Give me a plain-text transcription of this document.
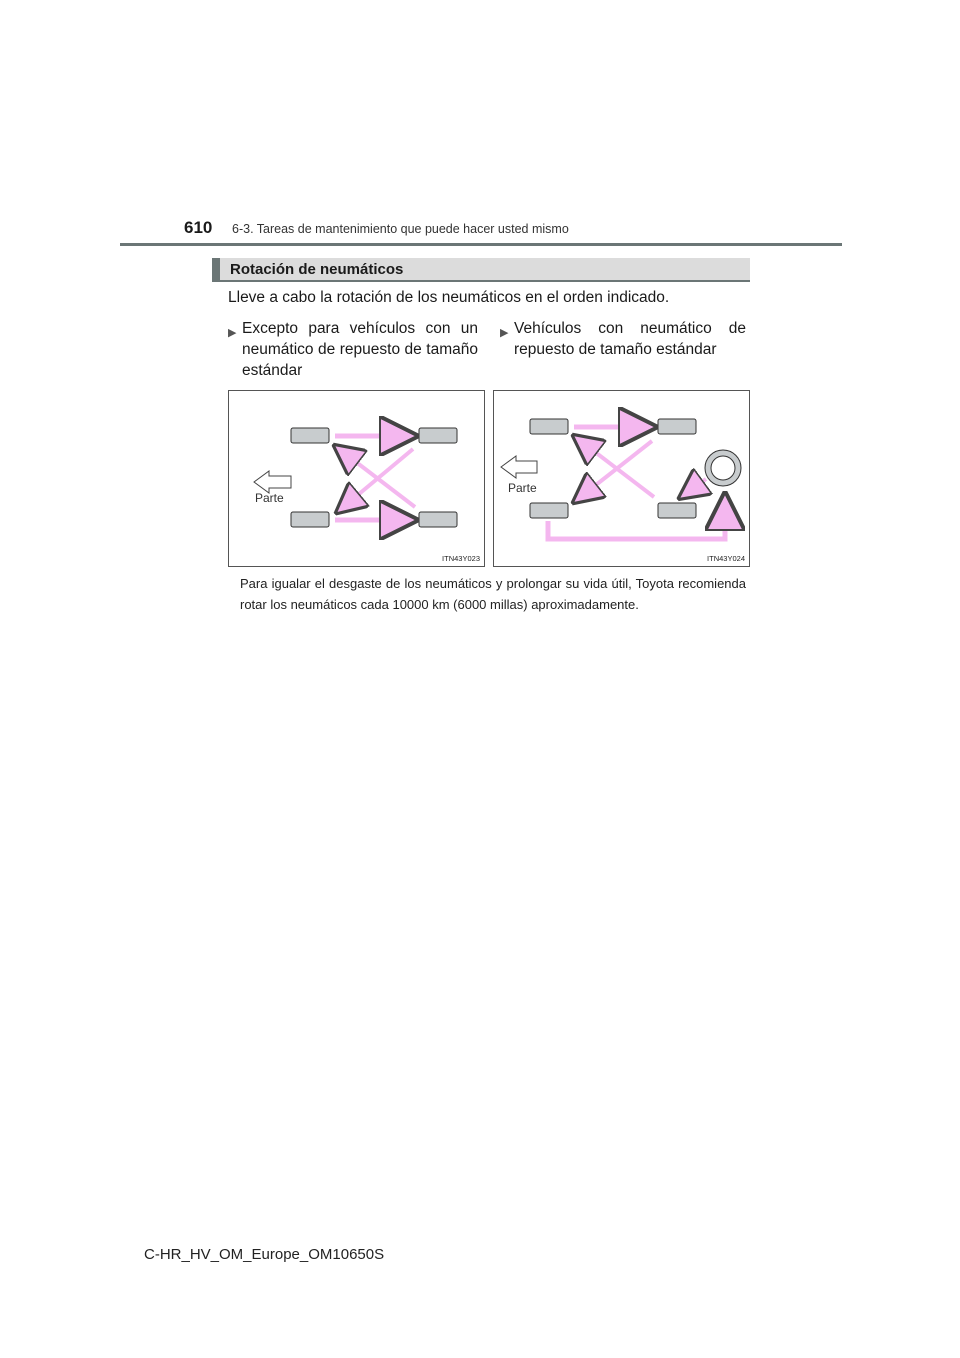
610 6-3. Tareas de mantenimiento que puede hacer usted mismo
Rotación de neumáticos
Lleve a cabo la rotación de los neumáticos en el orden indicado.
▶ Excepto para vehículos con un neumático de repuesto de tamaño estándar
▶ Vehículos con neumático de repuesto de tamaño estándar
Parte
ITN43Y023
Parte
ITN43Y024
Para igualar el desgaste de los neumáticos y prolongar su vida útil, Toyota recomienda rotar los neumáticos cada 10000 km (6000 millas) aproximadamente.
C-HR_HV_OM_Europe_OM10650S
